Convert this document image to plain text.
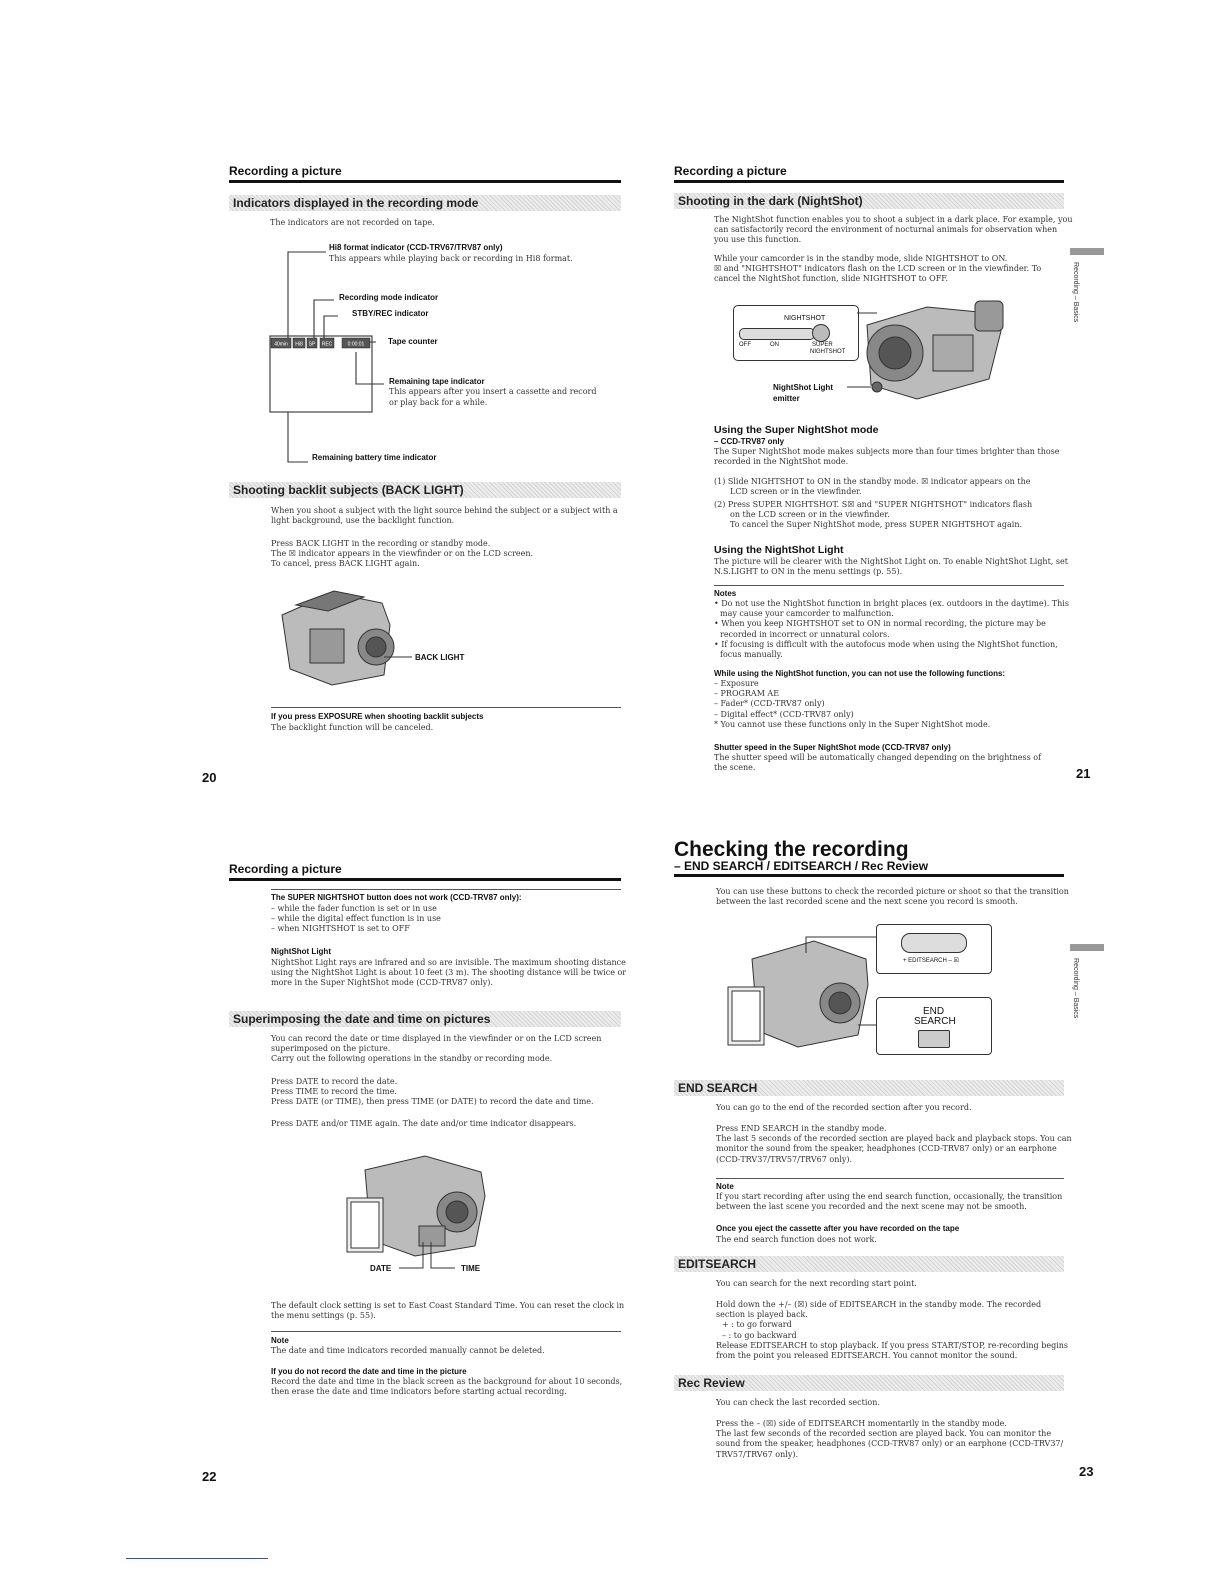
Recording a picture
Indicators displayed in the recording mode
The indicators are not recorded on tape.
40min Hi8 SP REC	0:00:01
Hi8 format indicator (CCD-TRV67/TRV87 only)
This appears while playing back or recording in Hi8 format.
Recording mode indicator
STBY/REC indicator
Tape counter
Remaining tape indicator
This appears after you insert a cassette and record
or play back for a while.
Remaining battery time indicator
Shooting backlit subjects (BACK LIGHT)

When you shoot a subject with the light source behind the subject or a subject with a

light background, use the backlight function.

Press BACK LIGHT in the recording or standby mode.

The ☒ indicator appears in the viewfinder or on the LCD screen.

To cancel, press BACK LIGHT again.

BACK LIGHT
If you press EXPOSURE when shooting backlit subjects
The backlight function will be canceled.
20
Recording a picture
Shooting in the dark (NightShot)

The NightShot function enables you to shoot a subject in a dark place. For example, you

can satisfactorily record the environment of nocturnal animals for observation when

you use this function.

While your camcorder is in the standby mode, slide NIGHTSHOT to ON.

☒ and "NIGHTSHOT" indicators flash on the LCD screen or in the viewfinder. To

cancel the NightShot function, slide NIGHTSHOT to OFF.

NIGHTSHOT
OFF	ON	SUPER
NIGHTSHOT
NightShot Light
emitter
Using the Super NightShot mode
– CCD-TRV87 only

The Super NightShot mode makes subjects more than four times brighter than those

recorded in the NightShot mode.

(1) Slide NIGHTSHOT to ON in the standby mode. ☒ indicator appears on the

LCD screen or in the viewfinder.

(2) Press SUPER NIGHTSHOT. S☒ and "SUPER NIGHTSHOT" indicators flash

on the LCD screen or in the viewfinder.

To cancel the Super NightShot mode, press SUPER NIGHTSHOT again.

Using the NightShot Light

The picture will be clearer with the NightShot Light on. To enable NightShot Light, set

N.S.LIGHT to ON in the menu settings (p. 55).

Notes

• Do not use the NightShot function in bright places (ex. outdoors in the daytime). This

may cause your camcorder to malfunction.

• When you keep NIGHTSHOT set to ON in normal recording, the picture may be

recorded in incorrect or unnatural colors.

• If focusing is difficult with the autofocus mode when using the NightShot function,

focus manually.

While using the NightShot function, you can not use the following functions:

– Exposure

– PROGRAM AE

– Fader* (CCD-TRV87 only)

– Digital effect* (CCD-TRV87 only)

* You cannot use these functions only in the Super NightShot mode.

Shutter speed in the Super NightShot mode (CCD-TRV87 only)

The shutter speed will be automatically changed depending on the brightness of

the scene.

Recording – Basics
21
Recording a picture
The SUPER NIGHTSHOT button does not work (CCD-TRV87 only):

– while the fader function is set or in use

– while the digital effect function is in use

– when NIGHTSHOT is set to OFF

NightShot Light

NightShot Light rays are infrared and so are invisible. The maximum shooting distance

using the NightShot Light is about 10 feet (3 m). The shooting distance will be twice or

more in the Super NightShot mode (CCD-TRV87 only).

Superimposing the date and time on pictures

You can record the date or time displayed in the viewfinder or on the LCD screen

superimposed on the picture.

Carry out the following operations in the standby or recording mode.

Press DATE to record the date.

Press TIME to record the time.

Press DATE (or TIME), then press TIME (or DATE) to record the date and time.

Press DATE and/or TIME again. The date and/or time indicator disappears.
DATE	TIME

The default clock setting is set to East Coast Standard Time. You can reset the clock in

the menu settings (p. 55).

Note
The date and time indicators recorded manually cannot be deleted.
If you do not record the date and time in the picture

Record the date and time in the black screen as the background for about 10 seconds,

then erase the date and time indicators before starting actual recording.

22
Checking the recording
– END SEARCH / EDITSEARCH / Rec Review

You can use these buttons to check the recorded picture or shoot so that the transition

between the last recorded scene and the next scene you record is smooth.

+ EDITSEARCH – ☒
END
SEARCH
END SEARCH
You can go to the end of the recorded section after you record.

Press END SEARCH in the standby mode.

The last 5 seconds of the recorded section are played back and playback stops. You can

monitor the sound from the speaker, headphones (CCD-TRV87 only) or an earphone

(CCD-TRV37/TRV57/TRV67 only).

Note

If you start recording after using the end search function, occasionally, the transition

between the last scene you recorded and the next scene may not be smooth.

Once you eject the cassette after you have recorded on the tape
The end search function does not work.
EDITSEARCH
You can search for the next recording start point.

Hold down the +/– (☒) side of EDITSEARCH in the standby mode. The recorded

section is played back.

+ : to go forward

– : to go backward

Release EDITSEARCH to stop playback. If you press START/STOP, re-recording begins

from the point you released EDITSEARCH. You cannot monitor the sound.

Rec Review
You can check the last recorded section.

Press the – (☒) side of EDITSEARCH momentarily in the standby mode.

The last few seconds of the recorded section are played back. You can monitor the

sound from the speaker, headphones (CCD-TRV87 only) or an earphone (CCD-TRV37/

TRV57/TRV67 only).

Recording – Basics
23
